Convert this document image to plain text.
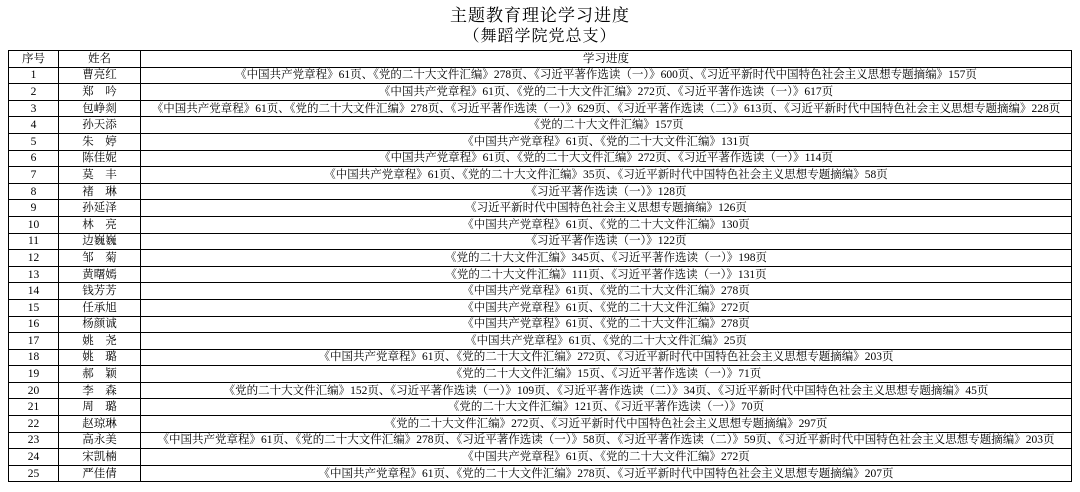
主题教育理论学习进度
（舞蹈学院党总支）
序号	姓名	学习进度
1	曹亮红	《中国共产党章程》61页、《党的二十大文件汇编》278页、《习近平著作选读（一）》600页、《习近平新时代中国特色社会主义思想专题摘编》157页
2	郑　吟	《中国共产党章程》61页、《党的二十大文件汇编》272页、《习近平著作选读（一）》617页
3	包峥剡	《中国共产党章程》61页、《党的二十大文件汇编》278页、《习近平著作选读（一）》629页、《习近平著作选读（二）》613页、《习近平新时代中国特色社会主义思想专题摘编》228页
4	孙天添	《党的二十大文件汇编》157页
5	朱　婷	《中国共产党章程》61页、《党的二十大文件汇编》131页
6	陈佳妮	《中国共产党章程》61页、《党的二十大文件汇编》272页、《习近平著作选读（一）》114页
7	莫　丰	《中国共产党章程》61页、《党的二十大文件汇编》35页、《习近平新时代中国特色社会主义思想专题摘编》58页
8	褚　琳	《习近平著作选读（一）》128页
9	孙延泽	《习近平新时代中国特色社会主义思想专题摘编》126页
10	林　亮	《中国共产党章程》61页、《党的二十大文件汇编》130页
11	边巍巍	《习近平著作选读（一）》122页
12	邹　菊	《党的二十大文件汇编》345页、《习近平著作选读（一）》198页
13	黄曙嫣	《党的二十大文件汇编》111页、《习近平著作选读（一）》131页
14	钱芳芳	《中国共产党章程》61页、《党的二十大文件汇编》278页
15	任承旭	《中国共产党章程》61页、《党的二十大文件汇编》272页
16	杨颜诚	《中国共产党章程》61页、《党的二十大文件汇编》278页
17	姚　尧	《中国共产党章程》61页、《党的二十大文件汇编》25页
18	姚　璐	《中国共产党章程》61页、《党的二十大文件汇编》272页、《习近平新时代中国特色社会主义思想专题摘编》203页
19	郝　颖	《党的二十大文件汇编》15页、《习近平著作选读（一）》71页
20	李　森	《党的二十大文件汇编》152页、《习近平著作选读（一）》109页、《习近平著作选读（二）》34页、《习近平新时代中国特色社会主义思想专题摘编》45页
21	周　璐	《党的二十大文件汇编》121页、《习近平著作选读（一）》70页
22	赵琼琳	《党的二十大文件汇编》272页、《习近平新时代中国特色社会主义思想专题摘编》297页
23	高永美	《中国共产党章程》61页、《党的二十大文件汇编》278页、《习近平著作选读（一）》58页、《习近平著作选读（二）》59页、《习近平新时代中国特色社会主义思想专题摘编》203页
24	宋凯楠	《中国共产党章程》61页、《党的二十大文件汇编》272页
25	严佳倩	《中国共产党章程》61页、《党的二十大文件汇编》278页、《习近平新时代中国特色社会主义思想专题摘编》207页
